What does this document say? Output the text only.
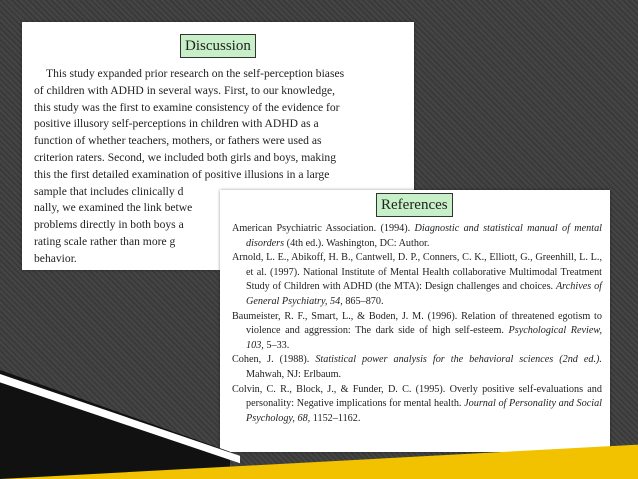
Discussion
This study expanded prior research on the self-perception biases
of children with ADHD in several ways. First, to our knowledge,
this study was the first to examine consistency of the evidence for
positive illusory self-perceptions in children with ADHD as a
function of whether teachers, mothers, or fathers were used as
criterion raters. Second, we included both girls and boys, making
this the first detailed examination of positive illusions in a large
sample that includes clinically d
nally, we examined the link betwe
problems directly in both boys a
rating scale rather than more g
behavior.
References

American Psychiatric Association. (1994). Diagnostic and statistical manual of mental disorders (4th ed.). Washington, DC: Author.

Arnold, L. E., Abikoff, H. B., Cantwell, D. P., Conners, C. K., Elliott, G., Greenhill, L. L., et al. (1997). National Institute of Mental Health collaborative Multimodal Treatment Study of Children with ADHD (the MTA): Design challenges and choices. Archives of General Psychiatry, 54, 865–870.

Baumeister, R. F., Smart, L., & Boden, J. M. (1996). Relation of threatened egotism to violence and aggression: The dark side of high self-esteem. Psychological Review, 103, 5–33.

Cohen, J. (1988). Statistical power analysis for the behavioral sciences (2nd ed.). Mahwah, NJ: Erlbaum.

Colvin, C. R., Block, J., & Funder, D. C. (1995). Overly positive self-evaluations and personality: Negative implications for mental health. Journal of Personality and Social Psychology, 68, 1152–1162.
